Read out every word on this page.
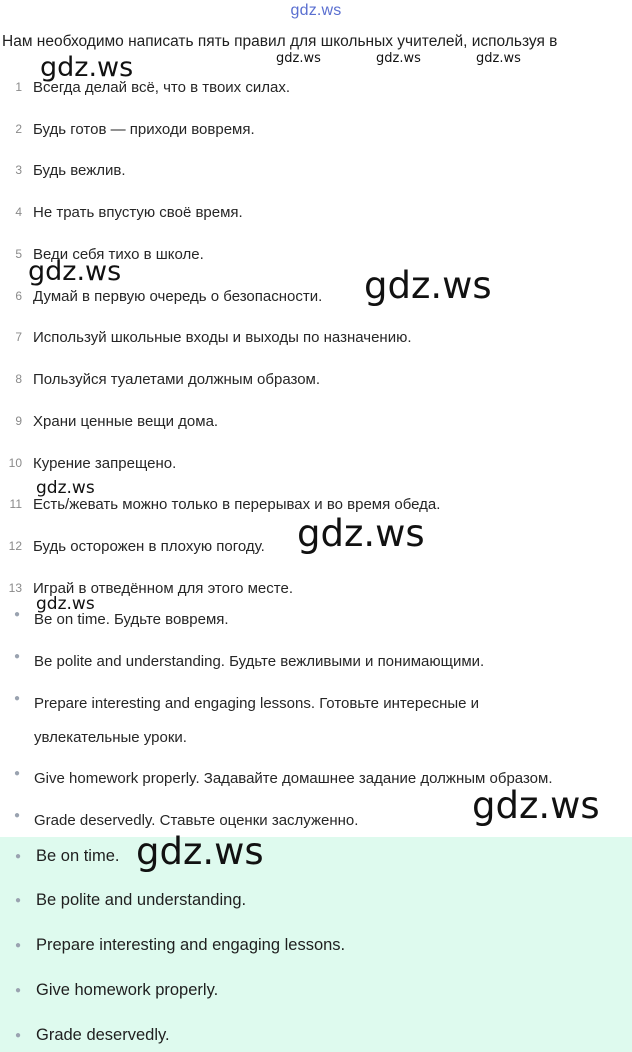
gdz.ws
Нам необходимо написать пять правил для школьных учителей, используя в
1 Всегда делай всё, что в твоих силах.
2 Будь готов — приходи вовремя.
3 Будь вежлив.
4 Не трать впустую своё время.
5 Веди себя тихо в школе.
6 Думай в первую очередь о безопасности.
7 Используй школьные входы и выходы по назначению.
8 Пользуйся туалетами должным образом.
9 Храни ценные вещи дома.
10 Курение запрещено.
11 Есть/жевать можно только в перерывах и во время обеда.
12 Будь осторожен в плохую погоду.
13 Играй в отведённом для этого месте.
● Be on time. Будьте вовремя.
● Be polite and understanding. Будьте вежливыми и понимающими.
● Prepare interesting and engaging lessons. Готовьте интересные и
увлекательные уроки.
● Give homework properly. Задавайте домашнее задание должным образом.
● Grade deservedly. Ставьте оценки заслуженно.
● Be on time.
● Be polite and understanding.
● Prepare interesting and engaging lessons.
● Give homework properly.
● Grade deservedly.
gdz.ws	gdz.ws	gdz.ws	gdz.ws
gdz.ws	gdz.ws
gdz.ws
gdz.ws
gdz.ws
gdz.ws
gdz.ws
